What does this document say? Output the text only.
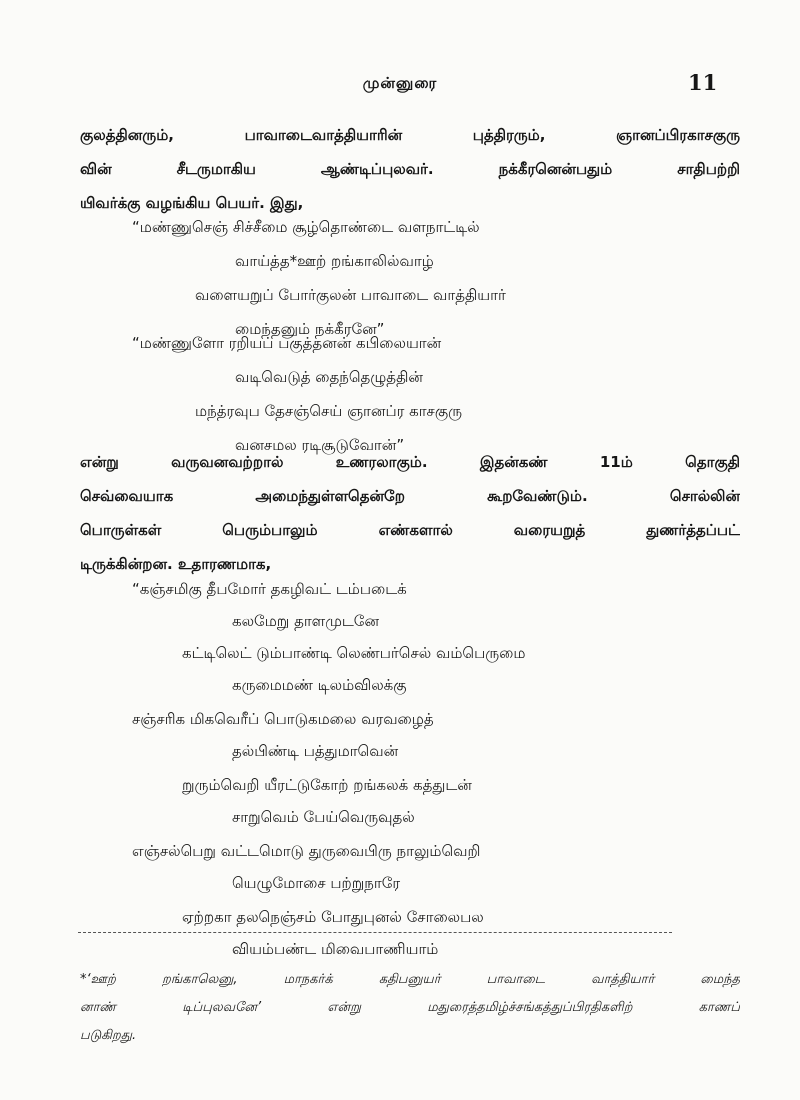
முன்னுரை	11
குலத்தினரும், பாவாடைவாத்தியாரின் புத்திரரும், ஞானப்பிரகாசகுரு
வின் சீடருமாகிய ஆண்டிப்புலவர். நக்கீரனென்பதும் சாதிபற்றி
யிவர்க்கு வழங்கிய பெயர். இது,
“மண்ணுசெஞ் சிச்சீமை சூழ்தொண்டை வளநாட்டில்
வாய்த்த*ஊற் றங்காலில்வாழ்
வளையறுப் போர்குலன் பாவாடை வாத்தியார்
மைந்தனும் நக்கீரனே”
“மண்ணுளோ ரறியப் பகுத்தனன் கபிலையான்
வடிவெடுத் தைந்தெழுத்தின்
மந்த்ரவுப தேசஞ்செய் ஞானப்ர காசகுரு
வனசமல ரடிசூடுவோன்”
என்று வருவனவற்றால் உணரலாகும். இதன்கண் 11ம் தொகுதி
செவ்வையாக அமைந்துள்ளதென்றே கூறவேண்டும். சொல்லின்
பொருள்கள் பெரும்பாலும் எண்களால் வரையறுத் துணர்த்தப்பட்
டிருக்கின்றன. உதாரணமாக,
“கஞ்சமிகு தீபமோர் தகழிவட் டம்படைக்
கலமேறு தாளமுடனே
கட்டிலெட் டும்பாண்டி லெண்பர்செல் வம்பெருமை
கருமைமண் டிலம்விலக்கு
சஞ்சரிக மிகவெரீப் பொடுகமலை வரவழைத்
தல்பிண்டி பத்துமாவென்
றுரும்வெறி யீரட்டுகோற் றங்கலக் கத்துடன்
சாறுவெம் பேய்வெருவுதல்
எஞ்சல்பெறு வட்டமொடு துருவைபிரு நாலும்வெறி
யெழுமோசை பற்றுநாரே
ஏற்றகா தலநெஞ்சம் போதுபுனல் சோலைபல
வியம்பண்ட மிவைபாணியாம்
*‘ஊற் றங்காலெனு, மாநகர்க் கதிபனுயர் பாவாடை வாத்தியார் மைந்த
னாண் டிப்புலவனே’ என்று மதுரைத்தமிழ்ச்சங்கத்துப்பிரதிகளிற் காணப்
படுகிறது.
